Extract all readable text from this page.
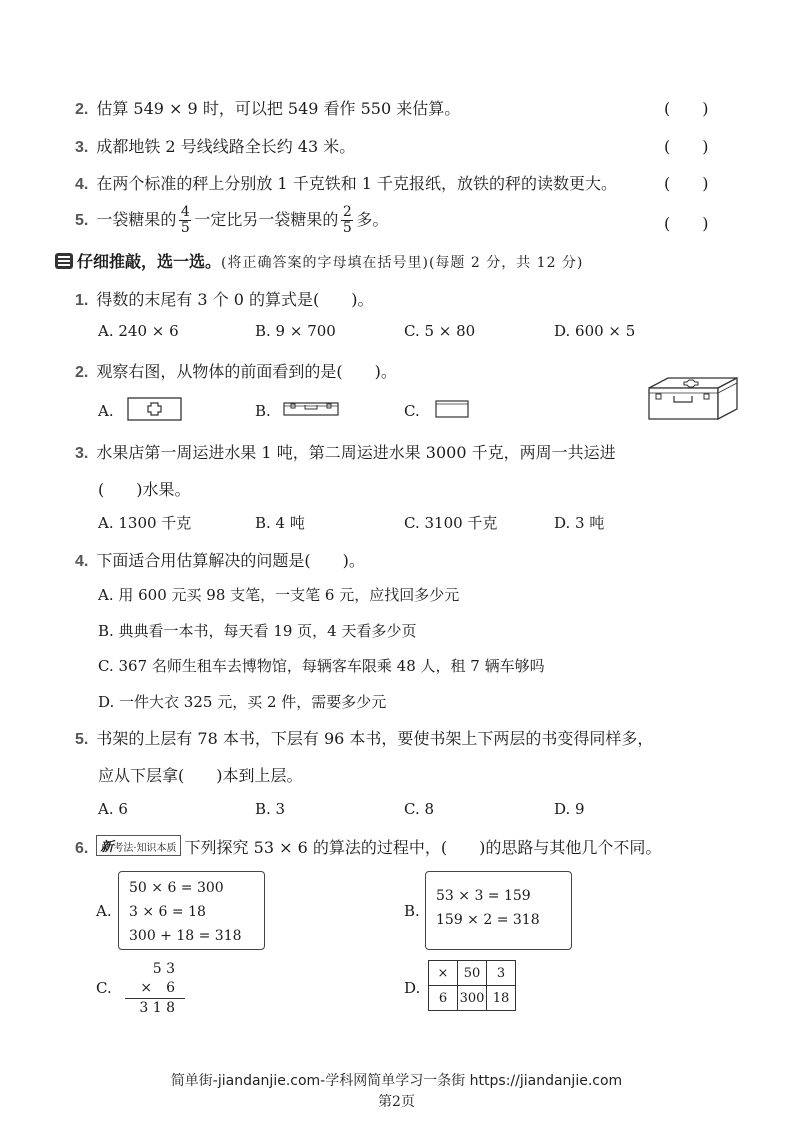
2. 估算 549 × 9 时，可以把 549 看作 550 来估算。	(　　)
3. 成都地铁 2 号线线路全长约 43 米。	(　　)
4. 在两个标准的秤上分别放 1 千克铁和 1 千克报纸，放铁的秤的读数更大。	(　　)
5. 一袋糖果的 $\frac{4}{5}$ 一定比另一袋糖果的 $\frac{2}{5}$ 多。	(　　)
仔细推敲，选一选。(将正确答案的字母填在括号里)(每题 2 分，共 12 分)
1. 得数的末尾有 3 个 0 的算式是(　　)。
A. 240 × 6	B. 9 × 700	C. 5 × 80	D. 600 × 5
2. 观察右图，从物体的前面看到的是(　　)。
A.	B.	C.
3. 水果店第一周运进水果 1 吨，第二周运进水果 3000 千克，两周一共运进
(　　)水果。
A. 1300 千克	B. 4 吨	C. 3100 千克	D. 3 吨
4. 下面适合用估算解决的问题是(　　)。
A. 用 600 元买 98 支笔，一支笔 6 元，应找回多少元
B. 典典看一本书，每天看 19 页，4 天看多少页
C. 367 名师生租车去博物馆，每辆客车限乘 48 人，租 7 辆车够吗
D. 一件大衣 325 元，买 2 件，需要多少元
5. 书架的上层有 78 本书，下层有 96 本书，要使书架上下两层的书变得同样多，
应从下层拿(　　)本到上层。
A. 6	B. 3	C. 8	D. 9
6. 新考法·知识本质 下列探究 53 × 6 的算法的过程中，(　　)的思路与其他几个不同。
A.
50 × 6 = 300
3 × 6 = 18
300 + 18 = 318
B.
53 × 3 = 159
159 × 2 = 318
C.
5 3
×　6
3 1 8
D.
×	50	3
6	300	18
简单街-jiandanjie.com-学科网简单学习一条街 https://jiandanjie.com
第2页
